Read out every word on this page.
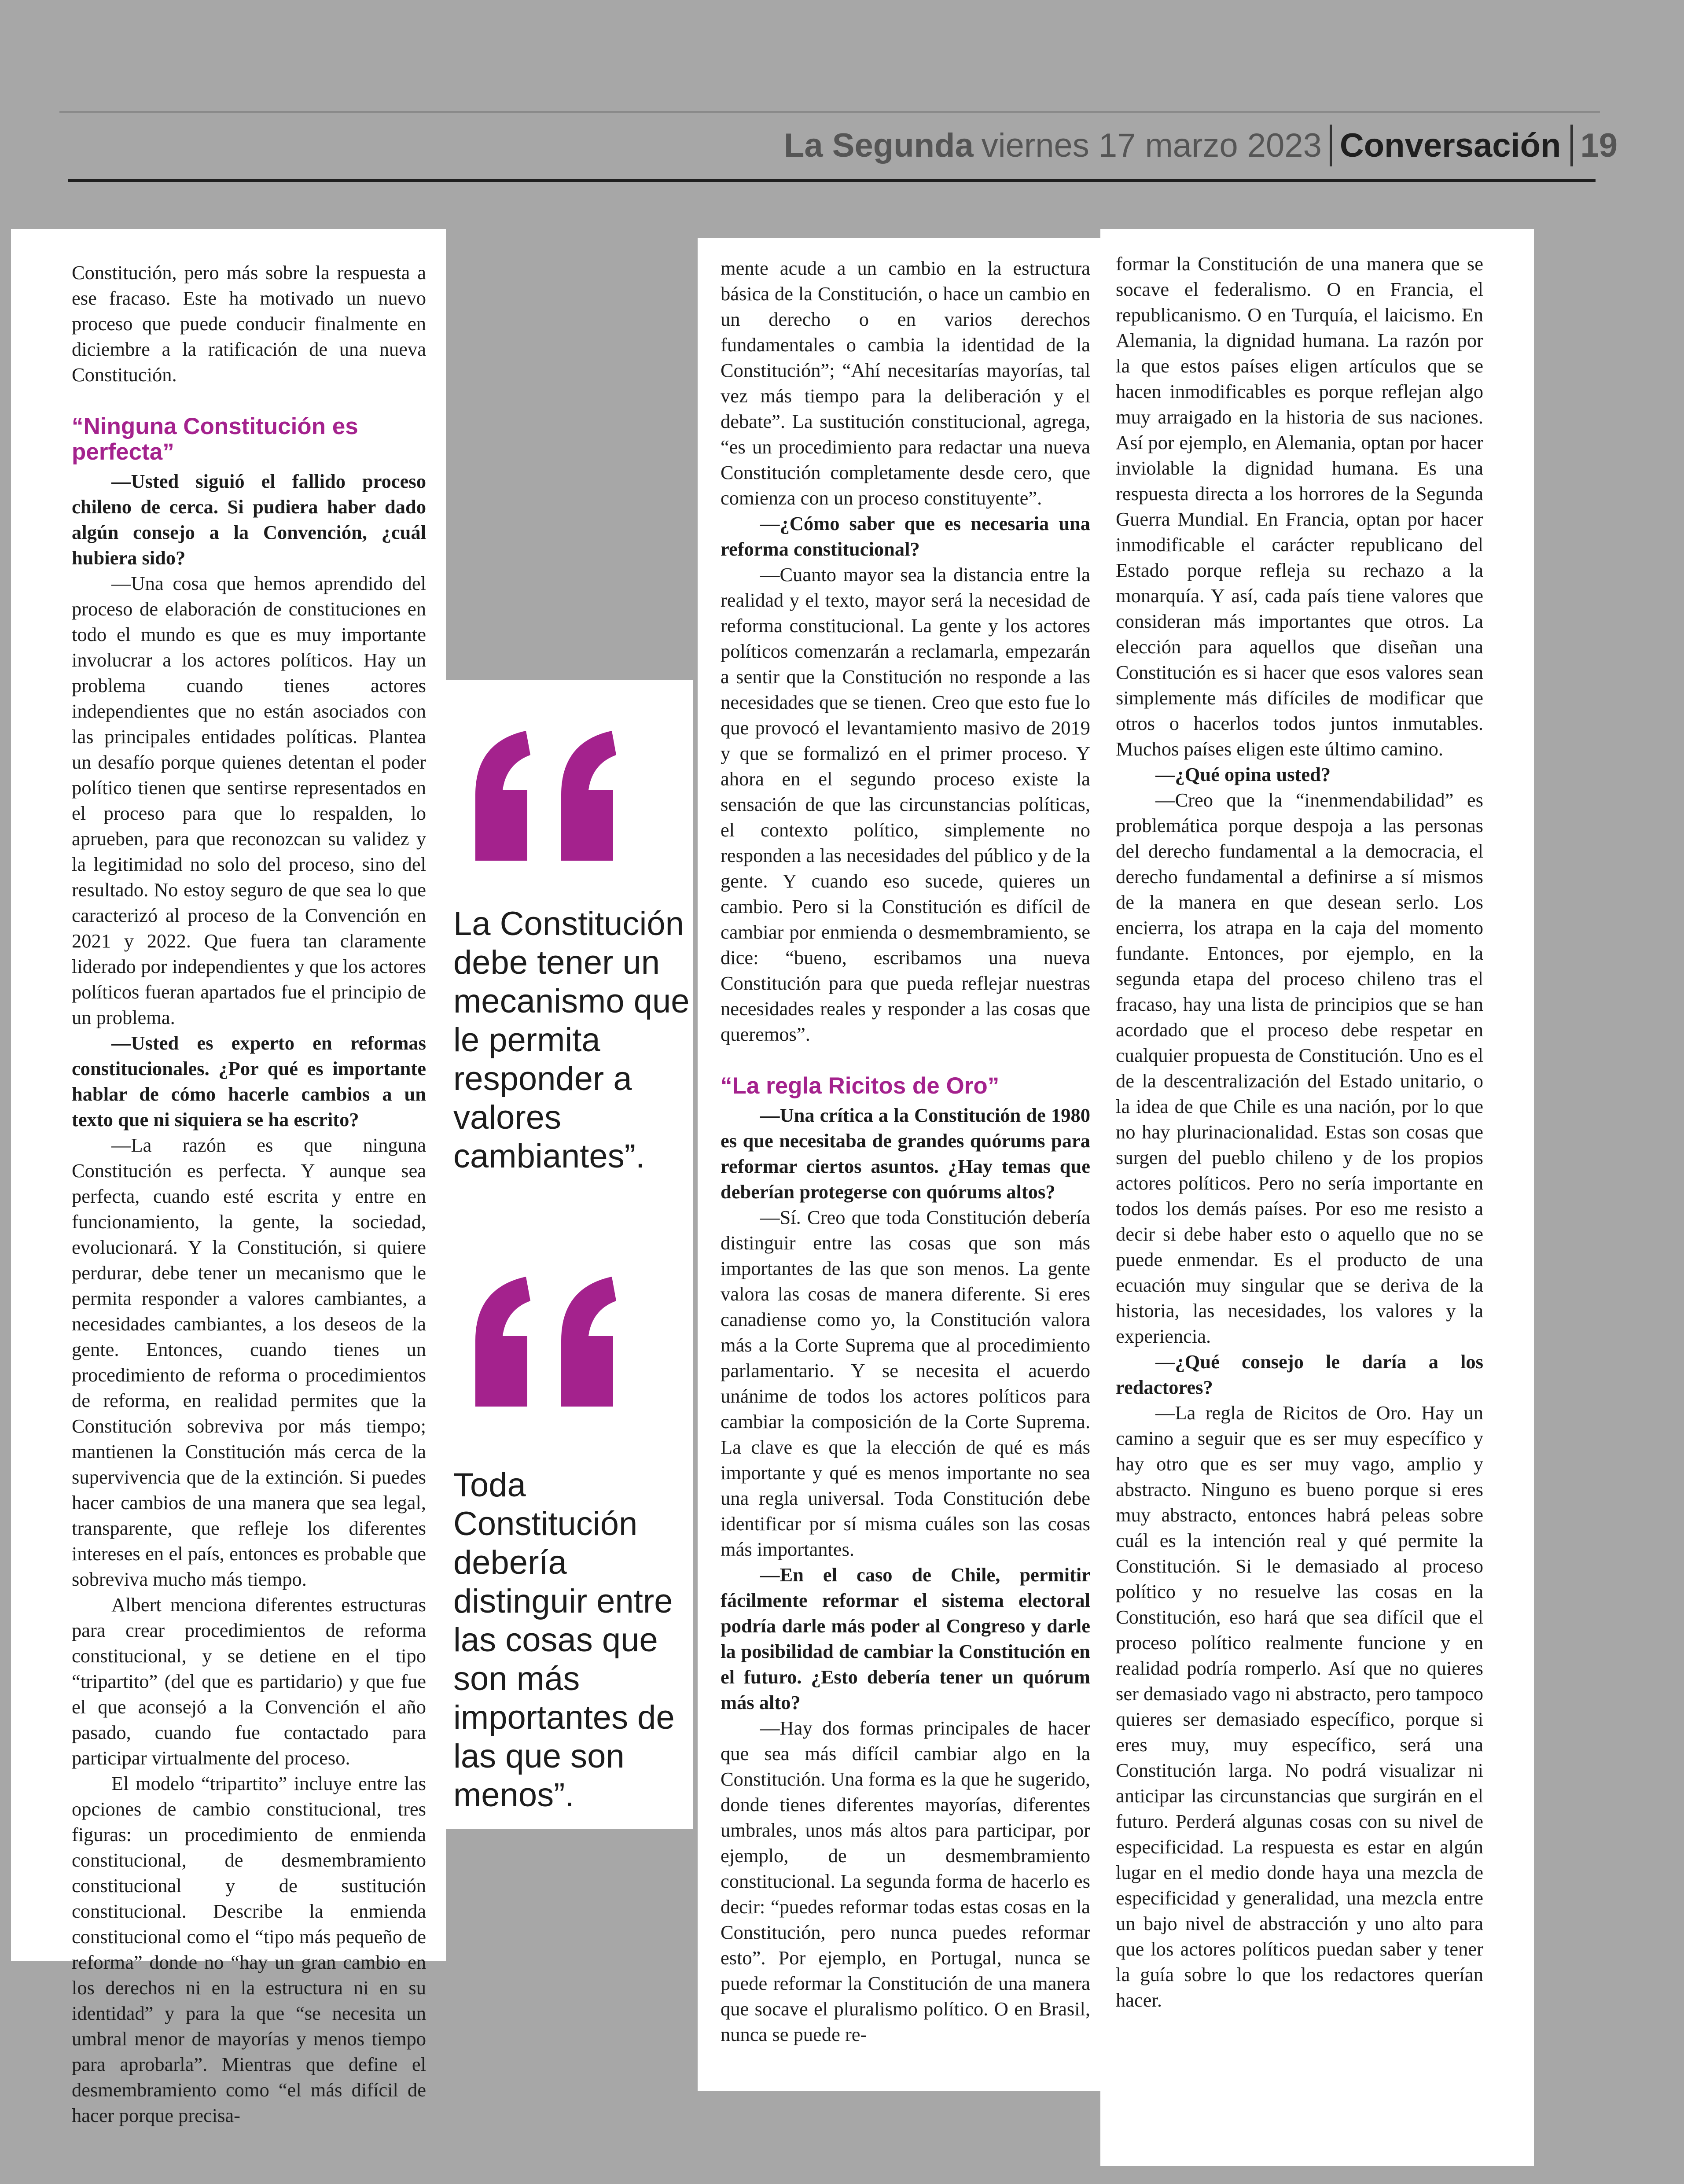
La Segunda viernes 17 marzo 2023 Conversación 19

Constitución, pero más sobre la respuesta a ese fracaso. Este ha motivado un nuevo proceso que puede conducir finalmente en diciembre a la ratificación de una nueva Constitución.

“Ninguna Constitución es perfecta”

—Usted siguió el fallido proceso chileno de cerca. Si pudiera haber dado algún consejo a la Convención, ¿cuál hubiera sido?

—Una cosa que hemos aprendido del proceso de elaboración de constituciones en todo el mundo es que es muy importante involucrar a los actores políticos. Hay un problema cuando tienes actores independientes que no están asociados con las principales entidades políticas. Plantea un desafío porque quienes detentan el poder político tienen que sentirse representados en el proceso para que lo respalden, lo aprueben, para que reconozcan su validez y la legitimidad no solo del proceso, sino del resultado. No estoy seguro de que sea lo que caracterizó al proceso de la Convención en 2021 y 2022. Que fuera tan claramente liderado por independientes y que los actores políticos fueran apartados fue el principio de un problema.

—Usted es experto en reformas constitucionales. ¿Por qué es importante hablar de cómo hacerle cambios a un texto que ni siquiera se ha escrito?

—La razón es que ninguna Constitución es perfecta. Y aunque sea perfecta, cuando esté escrita y entre en funcionamiento, la gente, la sociedad, evolucionará. Y la Constitución, si quiere perdurar, debe tener un mecanismo que le permita responder a valores cambiantes, a necesidades cambiantes, a los deseos de la gente. Entonces, cuando tienes un procedimiento de reforma o procedimientos de reforma, en realidad permites que la Constitución sobreviva por más tiempo; mantienen la Constitución más cerca de la supervivencia que de la extinción. Si puedes hacer cambios de una manera que sea legal, transparente, que refleje los diferentes intereses en el país, entonces es probable que sobreviva mucho más tiempo.

Albert menciona diferentes estructuras para crear procedimientos de reforma constitucional, y se detiene en el tipo “tripartito” (del que es partidario) y que fue el que aconsejó a la Convención el año pasado, cuando fue contactado para participar virtualmente del proceso.

El modelo “tripartito” incluye entre las opciones de cambio constitucional, tres figuras: un procedimiento de enmienda constitucional, de desmembramiento constitucional y de sustitución constitucional. Describe la enmienda constitucional como el “tipo más pequeño de reforma” donde no “hay un gran cambio en los derechos ni en la estructura ni en su identidad” y para la que “se necesita un umbral menor de mayorías y menos tiempo para aprobarla”. Mientras que define el desmembramiento como “el más difícil de hacer porque precisa-

La Constitución debe tener un mecanismo que le permita responder a valores cambiantes”.
Toda Constitución debería distinguir entre las cosas que son más importantes de las que son menos”.

mente acude a un cambio en la estructura básica de la Constitución, o hace un cambio en un derecho o en varios derechos fundamentales o cambia la identidad de la Constitución”; “Ahí necesitarías mayorías, tal vez más tiempo para la deliberación y el debate”. La sustitución constitucional, agrega, “es un procedimiento para redactar una nueva Constitución completamente desde cero, que comienza con un proceso constituyente”.

—¿Cómo saber que es necesaria una reforma constitucional?

—Cuanto mayor sea la distancia entre la realidad y el texto, mayor será la necesidad de reforma constitucional. La gente y los actores políticos comenzarán a reclamarla, empezarán a sentir que la Constitución no responde a las necesidades que se tienen. Creo que esto fue lo que provocó el levantamiento masivo de 2019 y que se formalizó en el primer proceso. Y ahora en el segundo proceso existe la sensación de que las circunstancias políticas, el contexto político, simplemente no responden a las necesidades del público y de la gente. Y cuando eso sucede, quieres un cambio. Pero si la Constitución es difícil de cambiar por enmienda o desmembramiento, se dice: “bueno, escribamos una nueva Constitución para que pueda reflejar nuestras necesidades reales y responder a las cosas que queremos”.

“La regla Ricitos de Oro”

—Una crítica a la Constitución de 1980 es que necesitaba de grandes quórums para reformar ciertos asuntos. ¿Hay temas que deberían protegerse con quórums altos?

—Sí. Creo que toda Constitución debería distinguir entre las cosas que son más importantes de las que son menos. La gente valora las cosas de manera diferente. Si eres canadiense como yo, la Constitución valora más a la Corte Suprema que al procedimiento parlamentario. Y se necesita el acuerdo unánime de todos los actores políticos para cambiar la composición de la Corte Suprema. La clave es que la elección de qué es más importante y qué es menos importante no sea una regla universal. Toda Constitución debe identificar por sí misma cuáles son las cosas más importantes.

—En el caso de Chile, permitir fácilmente reformar el sistema electoral podría darle más poder al Congreso y darle la posibilidad de cambiar la Constitución en el futuro. ¿Esto debería tener un quórum más alto?

—Hay dos formas principales de hacer que sea más difícil cambiar algo en la Constitución. Una forma es la que he sugerido, donde tienes diferentes mayorías, diferentes umbrales, unos más altos para participar, por ejemplo, de un desmembramiento constitucional. La segunda forma de hacerlo es decir: “puedes reformar todas estas cosas en la Constitución, pero nunca puedes reformar esto”. Por ejemplo, en Portugal, nunca se puede reformar la Constitución de una manera que socave el pluralismo político. O en Brasil, nunca se puede re-

formar la Constitución de una manera que se socave el federalismo. O en Francia, el republicanismo. O en Turquía, el laicismo. En Alemania, la dignidad humana. La razón por la que estos países eligen artículos que se hacen inmodificables es porque reflejan algo muy arraigado en la historia de sus naciones. Así por ejemplo, en Alemania, optan por hacer inviolable la dignidad humana. Es una respuesta directa a los horrores de la Segunda Guerra Mundial. En Francia, optan por hacer inmodificable el carácter republicano del Estado porque refleja su rechazo a la monarquía. Y así, cada país tiene valores que consideran más importantes que otros. La elección para aquellos que diseñan una Constitución es si hacer que esos valores sean simplemente más difíciles de modificar que otros o hacerlos todos juntos inmutables. Muchos países eligen este último camino.

—¿Qué opina usted?

—Creo que la “inenmendabilidad” es problemática porque despoja a las personas del derecho fundamental a la democracia, el derecho fundamental a definirse a sí mismos de la manera en que desean serlo. Los encierra, los atrapa en la caja del momento fundante. Entonces, por ejemplo, en la segunda etapa del proceso chileno tras el fracaso, hay una lista de principios que se han acordado que el proceso debe respetar en cualquier propuesta de Constitución. Uno es el de la descentralización del Estado unitario, o la idea de que Chile es una nación, por lo que no hay plurinacionalidad. Estas son cosas que surgen del pueblo chileno y de los propios actores políticos. Pero no sería importante en todos los demás países. Por eso me resisto a decir si debe haber esto o aquello que no se puede enmendar. Es el producto de una ecuación muy singular que se deriva de la historia, las necesidades, los valores y la experiencia.

—¿Qué consejo le daría a los redactores?

—La regla de Ricitos de Oro. Hay un camino a seguir que es ser muy específico y hay otro que es ser muy vago, amplio y abstracto. Ninguno es bueno porque si eres muy abstracto, entonces habrá peleas sobre cuál es la intención real y qué permite la Constitución. Si le demasiado al proceso político y no resuelve las cosas en la Constitución, eso hará que sea difícil que el proceso político realmente funcione y en realidad podría romperlo. Así que no quieres ser demasiado vago ni abstracto, pero tampoco quieres ser demasiado específico, porque si eres muy, muy específico, será una Constitución larga. No podrá visualizar ni anticipar las circunstancias que surgirán en el futuro. Perderá algunas cosas con su nivel de especificidad. La respuesta es estar en algún lugar en el medio donde haya una mezcla de especificidad y generalidad, una mezcla entre un bajo nivel de abstracción y uno alto para que los actores políticos puedan saber y tener la guía sobre lo que los redactores querían hacer.
